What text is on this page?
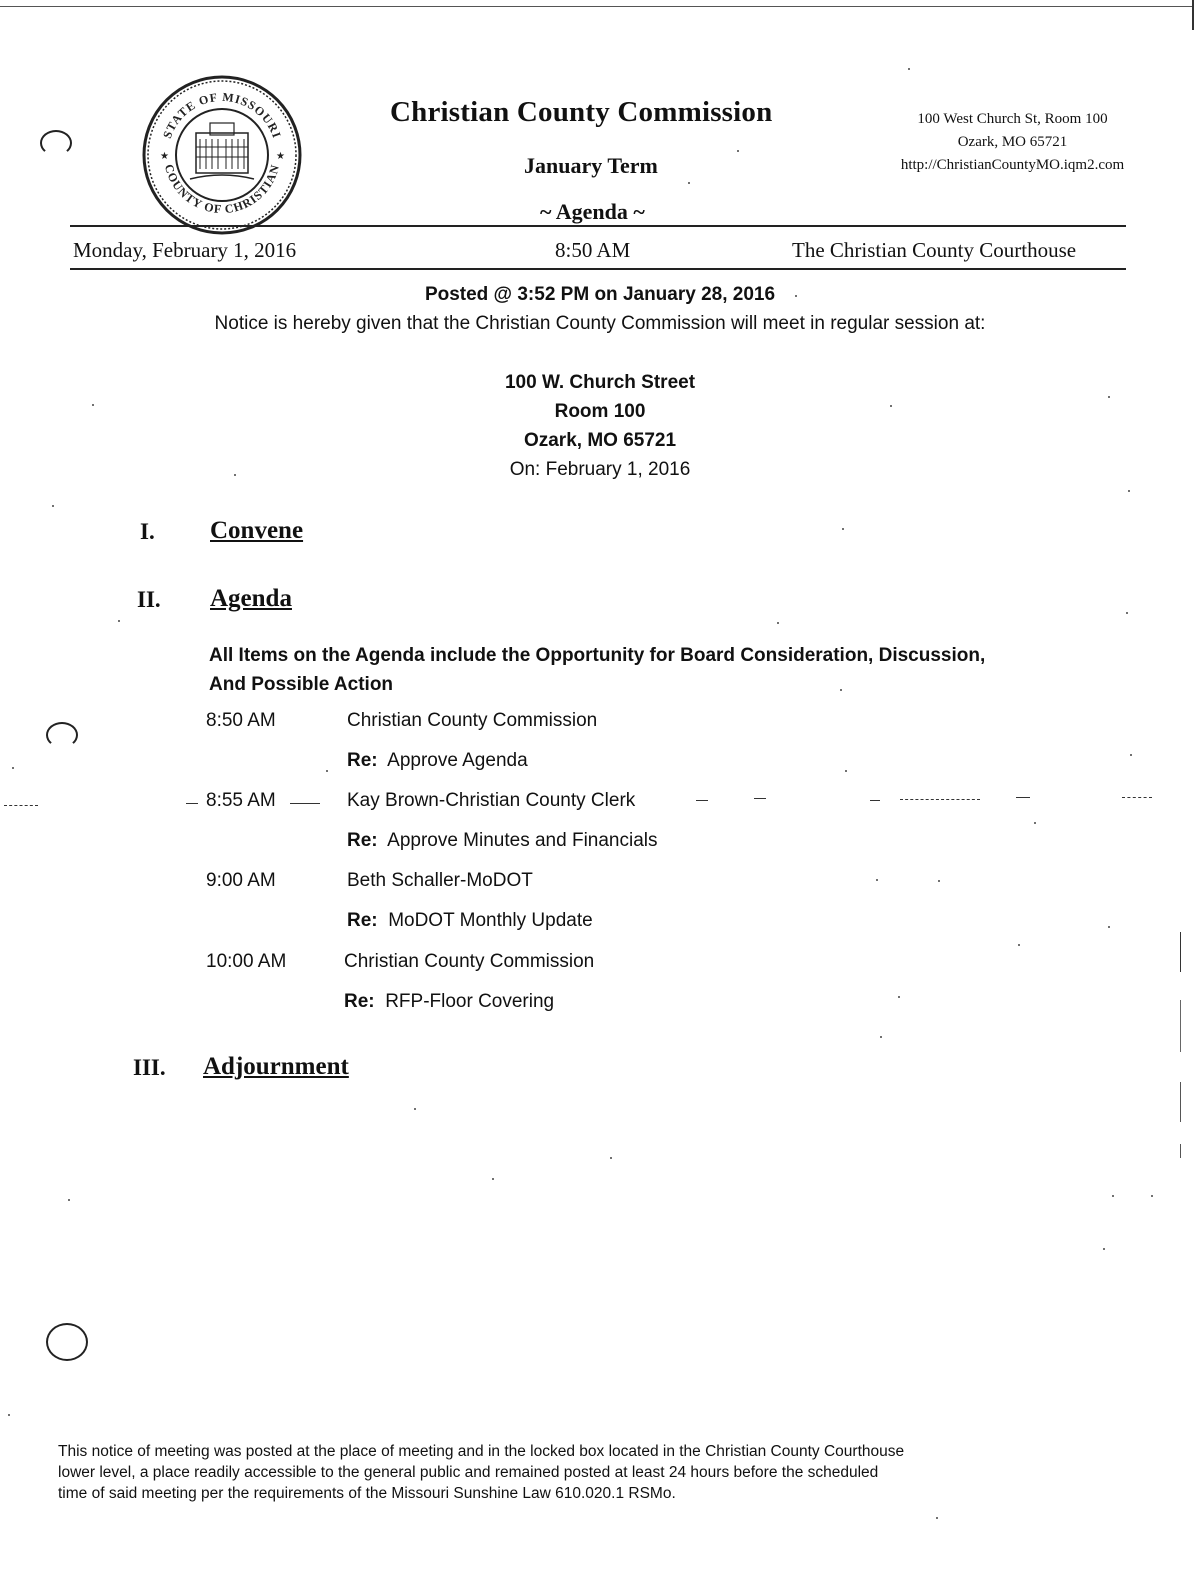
STATE OF MISSOURI
COUNTY OF CHRISTIAN
★	★
Christian County Commission
January Term
~ Agenda ~
100 West Church St, Room 100
Ozark, MO 65721
http://ChristianCountyMO.iqm2.com
Monday, February 1, 2016	8:50 AM	The Christian County Courthouse
Posted @ 3:52 PM on January 28, 2016
Notice is hereby given that the Christian County Commission will meet in regular session at:
100 W. Church Street
Room 100
Ozark, MO 65721
On: February 1, 2016
I. Convene
II. Agenda
All Items on the Agenda include the Opportunity for Board Consideration, Discussion,
And Possible Action
8:50 AM	Christian County Commission
Re: Approve Agenda
8:55 AM	Kay Brown-Christian County Clerk
Re: Approve Minutes and Financials
9:00 AM	Beth Schaller-MoDOT
Re: MoDOT Monthly Update
10:00 AM	Christian County Commission
Re: RFP-Floor Covering
III. Adjournment
This notice of meeting was posted at the place of meeting and in the locked box located in the Christian County Courthouse
lower level, a place readily accessible to the general public and remained posted at least 24 hours before the scheduled
time of said meeting per the requirements of the Missouri Sunshine Law 610.020.1 RSMo.
